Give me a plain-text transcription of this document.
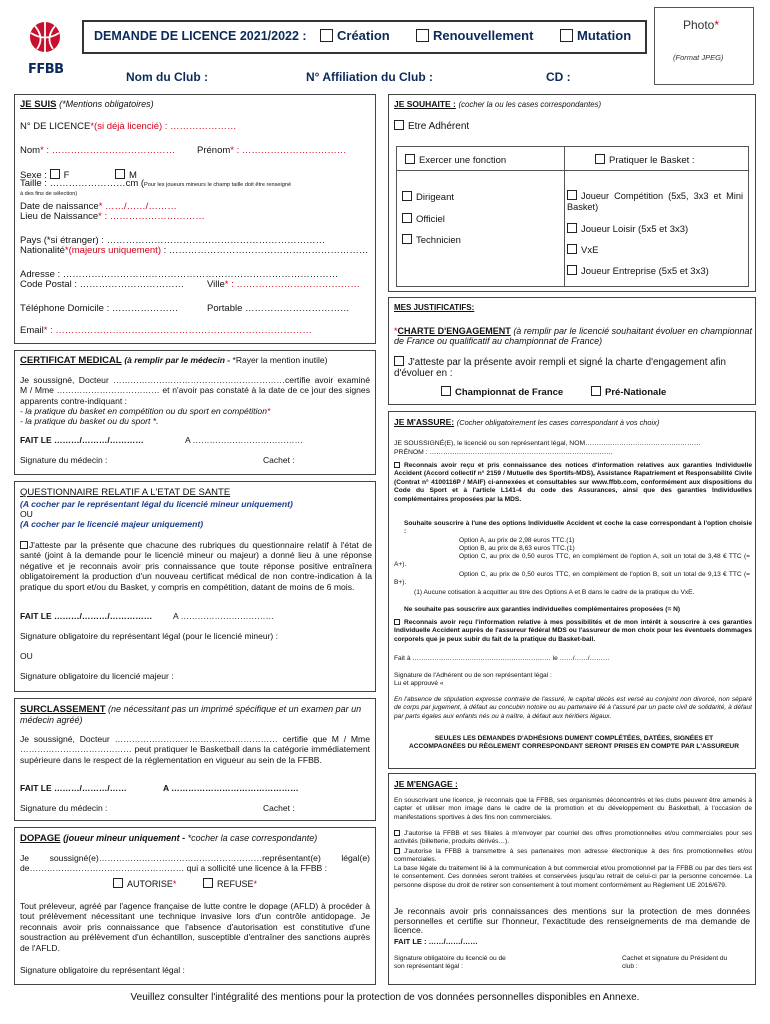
FFBB
DEMANDE DE LICENCE 2021/2022 :	Création	Renouvellement	Mutation
Photo*
(Format JPEG)
Nom du Club :	N° Affiliation du Club :	CD :
JE SUIS (*Mentions obligatoires)
N° DE LICENCE*(si déjà licencié) : …………………
Nom* : ………………………………… Prénom* : ……………………………
Sexe : F	M
Taille : ……………………cm (Pour les joueurs mineurs le champ taille doit être renseigné
à des fins de sélection)
Date de naissance* ……/……/………
Lieu de Naissance* : …………………………
Pays (*si étranger) : ……………………………………………………………
Nationalité*(majeurs uniquement) : ………………………………………………………
Adresse : ……………………………………………………………………………
Code Postal : …………………………… Ville* : …………………………………
Téléphone Domicile : …………………	Portable ……………………………
Email* : ………………………………………………………………………
CERTIFICAT MEDICAL (à remplir par le médecin - *Rayer la mention inutile)
Je soussigné, Docteur ……………………………………………………certifie avoir examiné M / Mme ……………………………… et n'avoir pas constaté à la date de ce jour des signes apparents contre-indiquant :
- la pratique du basket en compétition ou du sport en compétition*
- la pratique du basket ou du sport *.
FAIT LE ………/………/…………	A …………………………………
Signature du médecin :	Cachet :
QUESTIONNAIRE RELATIF A L'ETAT DE SANTE
(A cocher par le représentant légal du licencié mineur uniquement)
OU
(A cocher par le licencié majeur uniquement)
J'atteste par la présente que chacune des rubriques du questionnaire relatif à l'état de santé (joint à la demande pour le licencié mineur ou majeur) a donné lieu à une réponse négative et je reconnais avoir pris connaissance que toute réponse positive entraînera obligatoirement la production d'un nouveau certificat médical de non contre-indication à la pratique du sport et/ou du Basket, y compris en compétition, datant de moins de 6 mois.
FAIT LE ………/………/…………… A ……………………………
Signature obligatoire du représentant légal (pour le licencié mineur) :
OU
Signature obligatoire du licencié majeur :
SURCLASSEMENT (ne nécessitant pas un imprimé spécifique et un examen par un médecin agréé)
Je soussigné, Docteur ………………………………………………… certifie que M / Mme ………………………………… peut pratiquer le Basketball dans la catégorie immédiatement supérieure dans le respect de la réglementation en vigueur au sein de la FFBB.
FAIT LE ………/………/……	A ………………………………………
Signature du médecin :	Cachet :
DOPAGE (joueur mineur uniquement - *cocher la case correspondante)
Je soussigné(e)…………………………………………………représentant(e) légal(e) de……………………………………………… qui a sollicité une licence à la FFBB :
AUTORISE*	REFUSE*
Tout préleveur, agréé par l'agence française de lutte contre le dopage (AFLD) à procéder à tout prélèvement nécessitant une technique invasive lors d'un contrôle antidopage. Je reconnais avoir pris connaissance que l'absence d'autorisation est constitutive d'une soustraction au prélèvement d'un échantillon, susceptible d'entraîner des sanctions auprès de l'AFLD.
Signature obligatoire du représentant légal :
JE SOUHAITE : (cocher la ou les cases correspondantes)
Etre Adhérent
Exercer une fonction
Dirigeant
Officiel
Technicien
Pratiquer le Basket :
Joueur Compétition (5x5, 3x3 et Mini Basket)
Joueur Loisir (5x5 et 3x3)
VxE
Joueur Entreprise (5x5 et 3x3)
MES JUSTIFICATIFS:
*CHARTE D'ENGAGEMENT (à remplir par le licencié souhaitant évoluer en championnat de France ou qualificatif au championnat de France)
J'atteste par la présente avoir rempli et signé la charte d'engagement afin d'évoluer en :
Championnat de France	Pré-Nationale
JE M'ASSURE: (Cocher obligatoirement les cases correspondant à vos choix)
JE SOUSSIGNÉ(E), le licencié ou son représentant légal, NOM……………………………………………
PRÉNOM : ………………………………………………………………………
Reconnais avoir reçu et pris connaissance des notices d'information relatives aux garanties Individuelle Accident (Accord collectif n° 2159 / Mutuelle des Sportifs-MDS), Assistance Rapatriement et Responsabilité Civile (Contrat n° 4100116P / MAIF) ci-annexées et consultables sur www.ffbb.com, conformément aux dispositions du Code du Sport et à l'article L141-4 du code des Assurances, ainsi que des garanties Individuelles complémentaires proposées par la MDS.
Souhaite souscrire à l'une des options Individuelle Accident et coche la case correspondant à l'option choisie :
Option A, au prix de 2,98 euros TTC.(1)
Option B, au prix de 8,63 euros TTC.(1)
Option C, au prix de 0,50 euros TTC, en complément de l'option A, soit un total de 3,48 € TTC (= A+).
Option C, au prix de 0,50 euros TTC, en complément de l'option B, soit un total de 9,13 € TTC (= B+).
(1) Aucune cotisation à acquitter au titre des Options A et B dans le cadre de la pratique du VxE.
Ne souhaite pas souscrire aux garanties individuelles complémentaires proposées (= N)
Reconnais avoir reçu l'information relative à mes possibilités et de mon intérêt à souscrire à ces garanties Individuelle Accident auprès de l'assureur fédéral MDS ou l'assureur de mon choix pour les éventuels dommages corporels que je peux subir du fait de la pratique du Basket-ball.
Fait à ……………………………………………………… le ……/……/………
Signature de l'Adhérent ou de son représentant légal :
Lu et approuvé «
En l'absence de stipulation expresse contraire de l'assuré, le capital décès est versé au conjoint non divorcé, non séparé de corps par jugement, à défaut au concubin notoire ou au partenaire lié à l'assuré par un pacte civil de solidarité, à défaut par parts égales aux enfants nés ou à naître, à défaut aux héritiers légaux.
SEULES LES DEMANDES D'ADHÉSIONS DUMENT COMPLÉTÉES, DATÉES, SIGNÉES ET ACCOMPAGNÉES DU RÈGLEMENT CORRESPONDANT SERONT PRISES EN COMPTE PAR L'ASSUREUR
JE M'ENGAGE :
En souscrivant une licence, je reconnais que la FFBB, ses organismes déconcentrés et les clubs peuvent être amenés à capter et utiliser mon image dans le cadre de la promotion et du développement du Basketball, à l'occasion de manifestations sportives à des fins non commerciales.
J'autorise la FFBB et ses filiales à m'envoyer par courriel des offres promotionnelles et/ou commerciales pour ses activités (billetterie, produits dérivés…).
J'autorise la FFBB à transmettre à ses partenaires mon adresse électronique à des fins promotionnelles et/ou commerciales.
La base légale du traitement lié à la communication à but commercial et/ou promotionnel par la FFBB ou par des tiers est le consentement. Ces données seront traitées et conservées jusqu'au retrait de celui-ci par la personne concernée. La personne dispose du droit de retirer son consentement à tout moment conformément au Règlement UE 2016/679.
Je reconnais avoir pris connaissances des mentions sur la protection de mes données personnelles et certifie sur l'honneur, l'exactitude des renseignements de ma demande de licence.
FAIT LE : ……/……/……
Signature obligatoire du licencié ou de son représentant légal :
Cachet et signature du Président du club :
Veuillez consulter l'intégralité des mentions pour la protection de vos données personnelles disponibles en Annexe.
